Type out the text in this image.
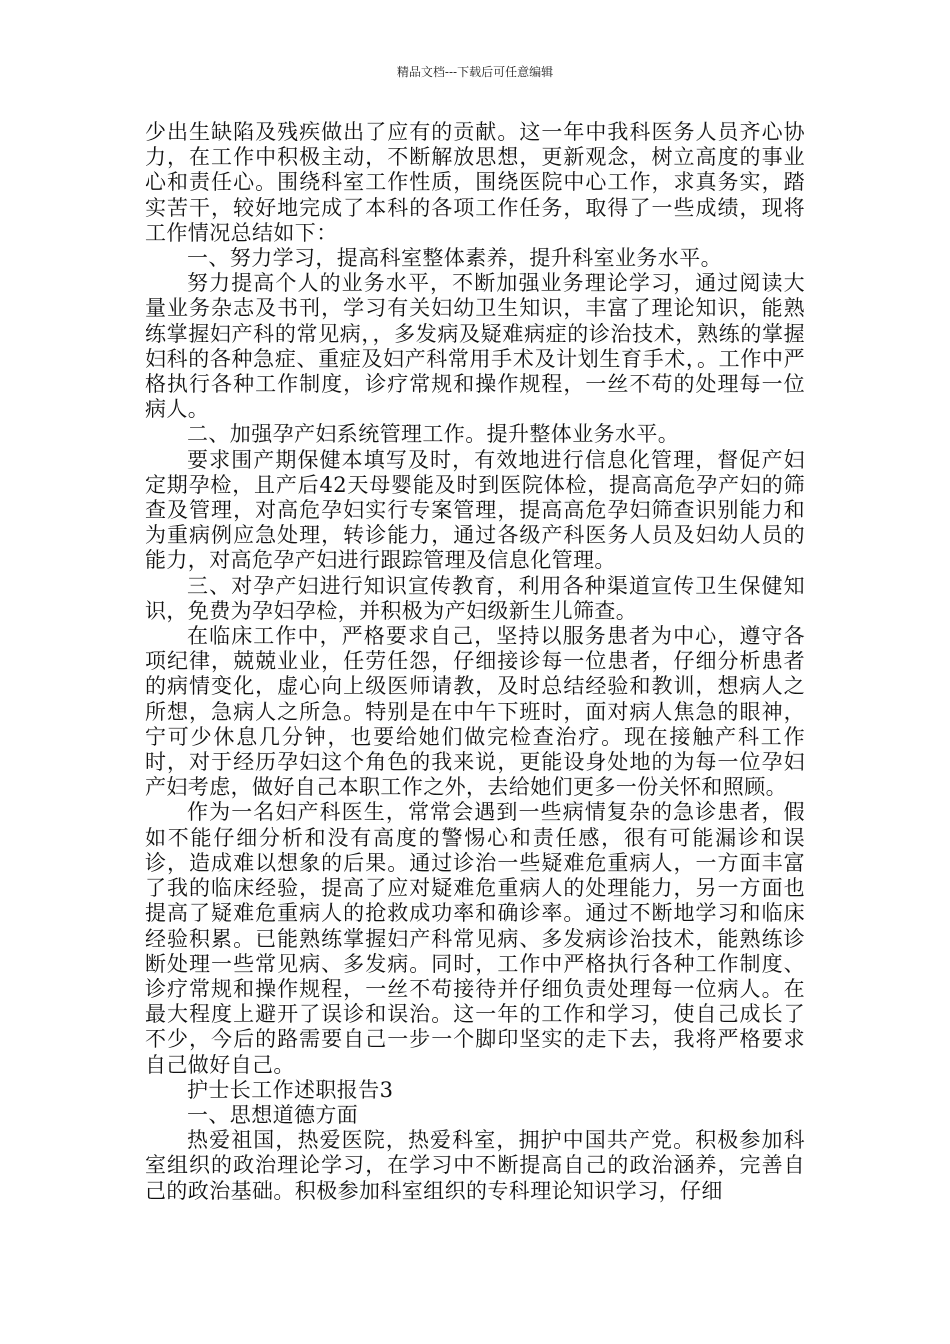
精品文档---下载后可任意编辑

少出生缺陷及残疾做出了应有的贡献。这一年中我科医务人员齐心协力，在工作中积极主动，不断解放思想，更新观念，树立高度的事业心和责任心。围绕科室工作性质，围绕医院中心工作，求真务实，踏实苦干，较好地完成了本科的各项工作任务，取得了一些成绩，现将工作情况总结如下：

一、努力学习，提高科室整体素养，提升科室业务水平。

努力提高个人的业务水平，不断加强业务理论学习，通过阅读大量业务杂志及书刊，学习有关妇幼卫生知识，丰富了理论知识，能熟练掌握妇产科的常见病，，多发病及疑难病症的诊治技术，熟练的掌握妇科的各种急症、重症及妇产科常用手术及计划生育手术，。工作中严格执行各种工作制度，诊疗常规和操作规程，一丝不苟的处理每一位病人。

二、加强孕产妇系统管理工作。提升整体业务水平。

要求围产期保健本填写及时，有效地进行信息化管理，督促产妇定期孕检，且产后42天母婴能及时到医院体检，提高高危孕产妇的筛查及管理，对高危孕妇实行专案管理，提高高危孕妇筛查识别能力和为重病例应急处理，转诊能力，通过各级产科医务人员及妇幼人员的能力，对高危孕产妇进行跟踪管理及信息化管理。

三、对孕产妇进行知识宣传教育，利用各种渠道宣传卫生保健知识，免费为孕妇孕检，并积极为产妇级新生儿筛查。

在临床工作中，严格要求自己，坚持以服务患者为中心，遵守各项纪律，兢兢业业，任劳任怨，仔细接诊每一位患者，仔细分析患者的病情变化，虚心向上级医师请教，及时总结经验和教训，想病人之所想，急病人之所急。特别是在中午下班时，面对病人焦急的眼神，宁可少休息几分钟，也要给她们做完检查治疗。现在接触产科工作时，对于经历孕妇这个角色的我来说，更能设身处地的为每一位孕妇产妇考虑，做好自己本职工作之外，去给她们更多一份关怀和照顾。

作为一名妇产科医生，常常会遇到一些病情复杂的急诊患者，假如不能仔细分析和没有高度的警惕心和责任感，很有可能漏诊和误诊，造成难以想象的后果。通过诊治一些疑难危重病人，一方面丰富了我的临床经验，提高了应对疑难危重病人的处理能力，另一方面也提高了疑难危重病人的抢救成功率和确诊率。通过不断地学习和临床经验积累。已能熟练掌握妇产科常见病、多发病诊治技术，能熟练诊断处理一些常见病、多发病。同时，工作中严格执行各种工作制度、诊疗常规和操作规程，一丝不苟接待并仔细负责处理每一位病人。在最大程度上避开了误诊和误治。这一年的工作和学习，使自己成长了不少，今后的路需要自己一步一个脚印坚实的走下去，我将严格要求自己做好自己。

护士长工作述职报告3

一、思想道德方面

热爱祖国，热爱医院，热爱科室，拥护中国共产党。积极参加科室组织的政治理论学习，在学习中不断提高自己的政治涵养，完善自己的政治基础。积极参加科室组织的专科理论知识学习，仔细
